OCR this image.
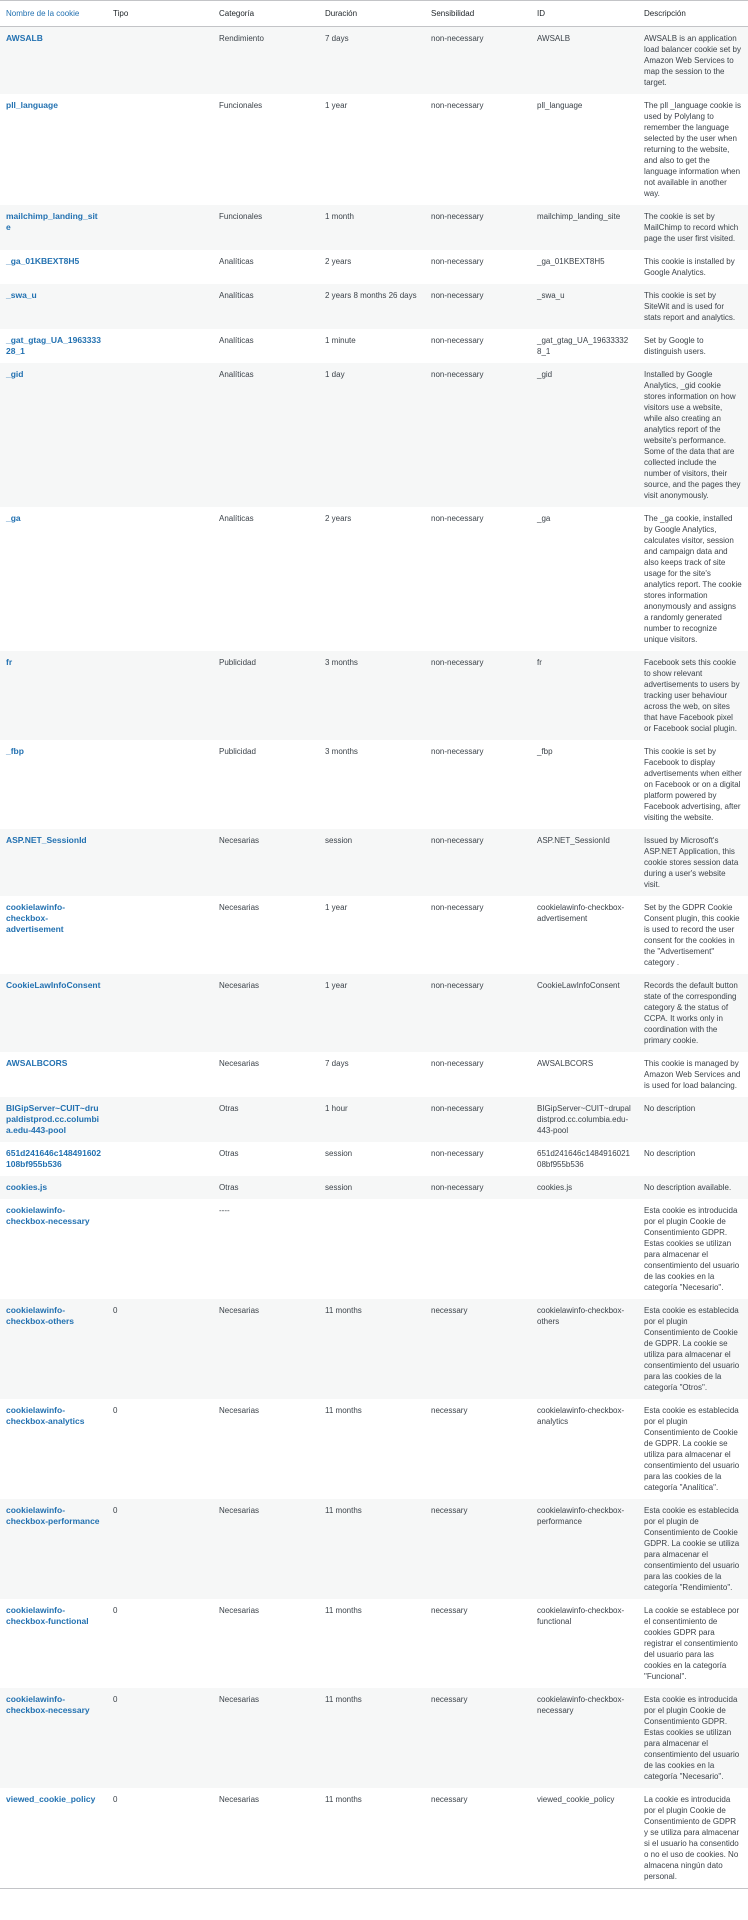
Nombre de la cookie	Tipo	Categoría	Duración	Sensibilidad	ID	Descripción
AWSALB		Rendimiento	7 days	non-necessary	AWSALB	AWSALB is an application load balancer cookie set by Amazon Web Services to map the session to the target.
pll_language		Funcionales	1 year	non-necessary	pll_language	The pll _language cookie is used by Polylang to remember the language selected by the user when returning to the website, and also to get the language information when not available in another way.
mailchimp_landing_site		Funcionales	1 month	non-necessary	mailchimp_landing_site	The cookie is set by MailChimp to record which page the user first visited.
_ga_01KBEXT8H5		Analíticas	2 years	non-necessary	_ga_01KBEXT8H5	This cookie is installed by Google Analytics.
_swa_u		Analíticas	2 years 8 months 26 days	non-necessary	_swa_u	This cookie is set by SiteWit and is used for stats report and analytics.
_gat_gtag_UA_196333328_1		Analíticas	1 minute	non-necessary	_gat_gtag_UA_196333328_1	Set by Google to distinguish users.
_gid		Analíticas	1 day	non-necessary	_gid	Installed by Google Analytics, _gid cookie stores information on how visitors use a website, while also creating an analytics report of the website's performance. Some of the data that are collected include the number of visitors, their source, and the pages they visit anonymously.
_ga		Analíticas	2 years	non-necessary	_ga	The _ga cookie, installed by Google Analytics, calculates visitor, session and campaign data and also keeps track of site usage for the site's analytics report. The cookie stores information anonymously and assigns a randomly generated number to recognize unique visitors.
fr		Publicidad	3 months	non-necessary	fr	Facebook sets this cookie to show relevant advertisements to users by tracking user behaviour across the web, on sites that have Facebook pixel or Facebook social plugin.
_fbp		Publicidad	3 months	non-necessary	_fbp	This cookie is set by Facebook to display advertisements when either on Facebook or on a digital platform powered by Facebook advertising, after visiting the website.
ASP.NET_SessionId		Necesarias	session	non-necessary	ASP.NET_SessionId	Issued by Microsoft's ASP.NET Application, this cookie stores session data during a user's website visit.
cookielawinfo-checkbox-advertisement		Necesarias	1 year	non-necessary	cookielawinfo-checkbox-advertisement	Set by the GDPR Cookie Consent plugin, this cookie is used to record the user consent for the cookies in the "Advertisement" category .
CookieLawInfoConsent		Necesarias	1 year	non-necessary	CookieLawInfoConsent	Records the default button state of the corresponding category & the status of CCPA. It works only in coordination with the primary cookie.
AWSALBCORS		Necesarias	7 days	non-necessary	AWSALBCORS	This cookie is managed by Amazon Web Services and is used for load balancing.
BIGipServer~CUIT~drupaldistprod.cc.columbia.edu-443-pool		Otras	1 hour	non-necessary	BIGipServer~CUIT~drupaldistprod.cc.columbia.edu-443-pool	No description
651d241646c148491602108bf955b536		Otras	session	non-necessary	651d241646c148491602108bf955b536	No description
cookies.js		Otras	session	non-necessary	cookies.js	No description available.
cookielawinfo-checkbox-necessary		----				Esta cookie es introducida por el plugin Cookie de Consentimiento GDPR. Estas cookies se utilizan para almacenar el consentimiento del usuario de las cookies en la categoría "Necesario".
cookielawinfo-checkbox-others	0	Necesarias	11 months	necessary	cookielawinfo-checkbox-others	Esta cookie es establecida por el plugin Consentimiento de Cookie de GDPR. La cookie se utiliza para almacenar el consentimiento del usuario para las cookies de la categoría "Otros".
cookielawinfo-checkbox-analytics	0	Necesarias	11 months	necessary	cookielawinfo-checkbox-analytics	Esta cookie es establecida por el plugin Consentimiento de Cookie de GDPR. La cookie se utiliza para almacenar el consentimiento del usuario para las cookies de la categoría "Analítica".
cookielawinfo-checkbox-performance	0	Necesarias	11 months	necessary	cookielawinfo-checkbox-performance	Esta cookie es establecida por el plugin de Consentimiento de Cookie GDPR. La cookie se utiliza para almacenar el consentimiento del usuario para las cookies de la categoría "Rendimiento".
cookielawinfo-checkbox-functional	0	Necesarias	11 months	necessary	cookielawinfo-checkbox-functional	La cookie se establece por el consentimiento de cookies GDPR para registrar el consentimiento del usuario para las cookies en la categoría "Funcional".
cookielawinfo-checkbox-necessary	0	Necesarias	11 months	necessary	cookielawinfo-checkbox-necessary	Esta cookie es introducida por el plugin Cookie de Consentimiento GDPR. Estas cookies se utilizan para almacenar el consentimiento del usuario de las cookies en la categoría "Necesario".
viewed_cookie_policy	0	Necesarias	11 months	necessary	viewed_cookie_policy	La cookie es introducida por el plugin Cookie de Consentimiento de GDPR y se utiliza para almacenar si el usuario ha consentido o no el uso de cookies. No almacena ningún dato personal.
